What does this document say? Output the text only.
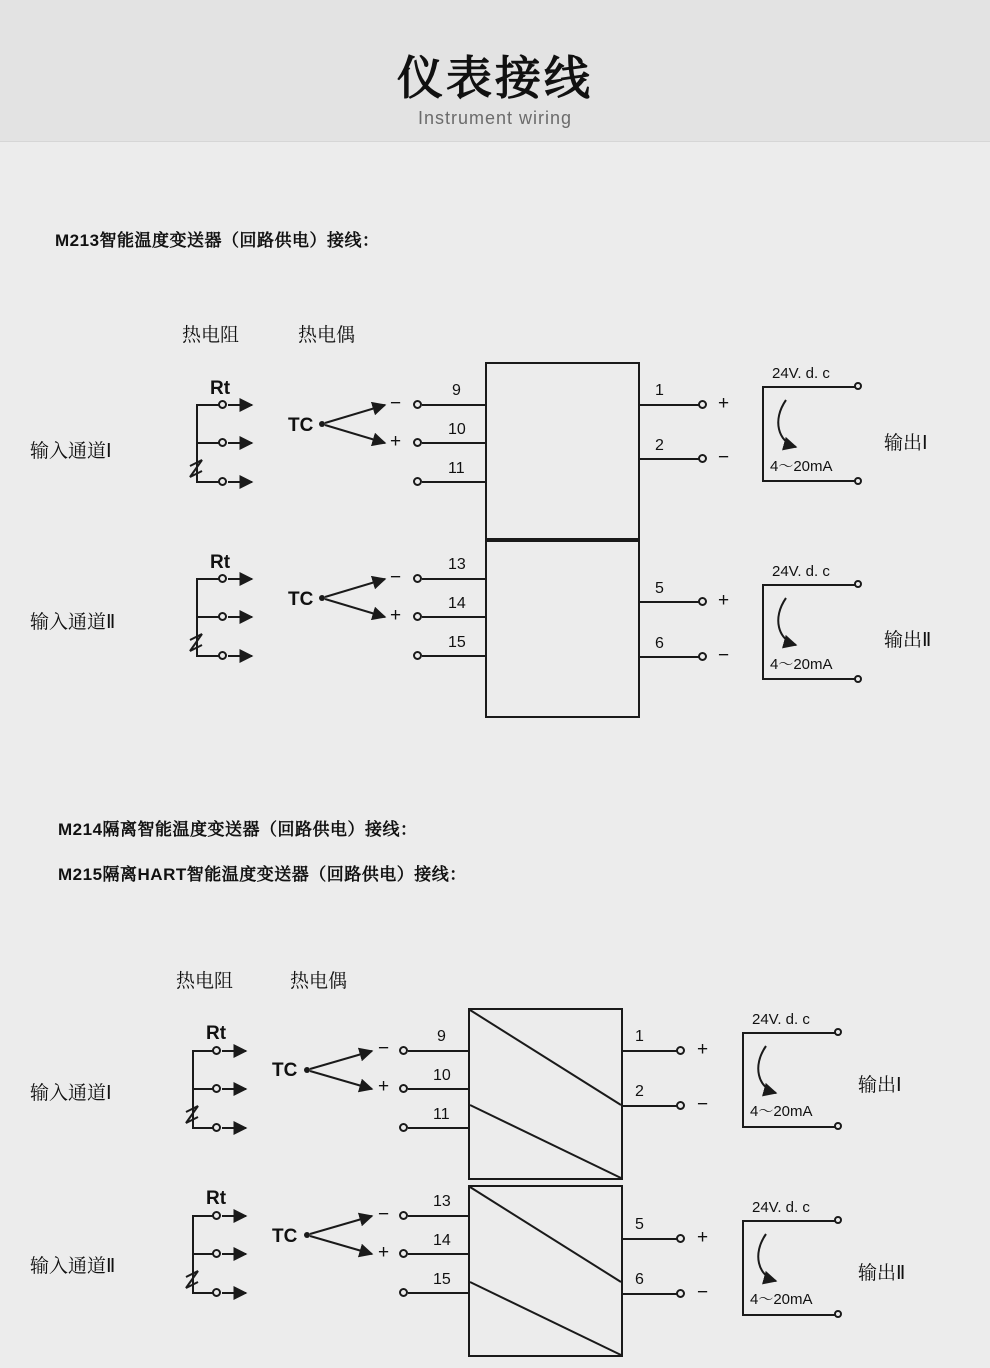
仪表接线
Instrument wiring
M213智能温度变送器（回路供电）接线：
热电阻	热电偶
输入通道Ⅰ
Rt
TC
−
+
9
10
11
1
2
+
−
24V. d. c
4～20mA
输出Ⅰ
输入通道Ⅱ
Rt
TC
−
+
13
14
15
5
6
+
−
24V. d. c
4～20mA
输出Ⅱ
M214隔离智能温度变送器（回路供电）接线：
M215隔离HART智能温度变送器（回路供电）接线：
热电阻	热电偶
输入通道Ⅰ
Rt
TC
−
+
9
10
11
1
2
+
−
24V. d. c
4～20mA
输出Ⅰ
输入通道Ⅱ
Rt
TC
−
+
13
14
15
5
6
+
−
24V. d. c
4～20mA
输出Ⅱ
